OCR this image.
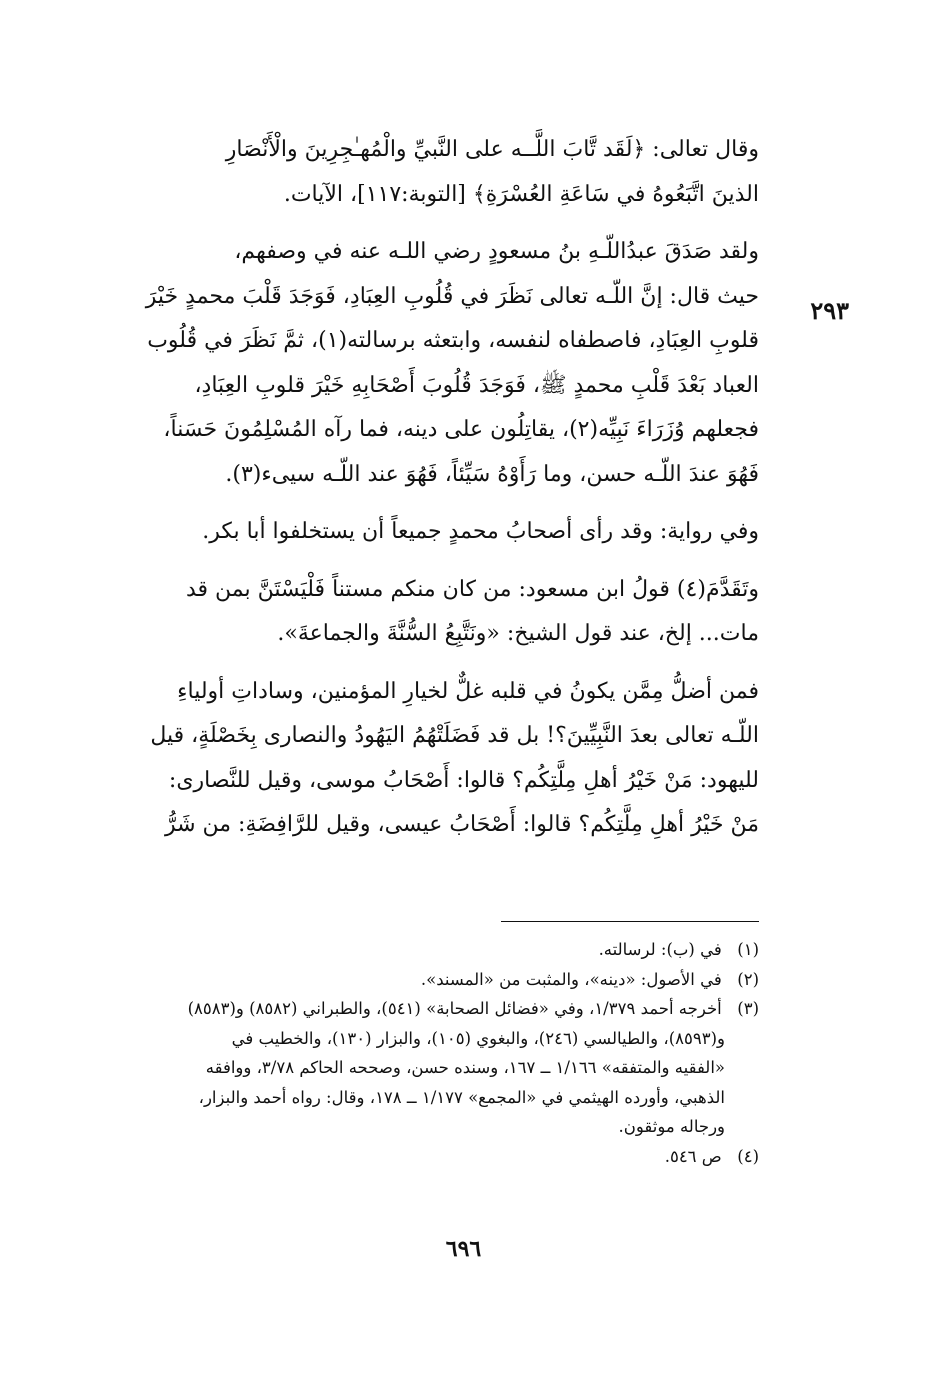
٢٩٣

وقال تعالى: ﴿لَقَد تَّابَ اللَّــه على النَّبيِّ والْمُهـٰجِرِينَ والْأَنْصَارِ
الذينَ اتَّبَعُوهُ في سَاعَةِ العُسْرَةِ﴾ [التوبة:١١٧]، الآيات.

ولقد صَدَقَ عبدُاللّـهِ بنُ مسعودٍ رضي اللـه عنه في وصفهم،
حيث قال: إنَّ اللّـه تعالى نَظَرَ في قُلُوبِ العِبَادِ، فَوَجَدَ قَلْبَ محمدٍ خَيْرَ
قلوبِ العِبَادِ، فاصطفاه لنفسه، وابتعثه برسالته(١)، ثمَّ نَظَرَ في قُلُوب
العباد بَعْدَ قَلْبِ محمدٍ ﷺ، فَوَجَدَ قُلُوبَ أَصْحَابِهِ خَيْرَ قلوبِ العِبَادِ،
فجعلهم وُزَرَاءَ نَبِيِّه(٢)، يقاتِلُون على دينه، فما رآه المُسْلِمُونَ حَسَناً،
فَهُوَ عندَ اللّـه حسن، وما رَأَوْهُ سَيِّئاً، فَهُوَ عند اللّـه سيىء(٣).

وفي رواية: وقد رأى أصحابُ محمدٍ جميعاً أن يستخلفوا أبا بكر.

وتَقَدَّمَ(٤) قولُ ابن مسعود: من كان منكم مستناً فَلْيَسْتَنَّ بمن قد
مات... إلخ، عند قول الشيخ: «ونَتَّبِعُ السُّنَّةَ والجماعةَ».

فمن أضلُّ مِمَّن يكونُ في قلبه غلٌّ لخيارِ المؤمنين، وساداتِ أولياءِ
اللّـه تعالى بعدَ النَّبِيِّينَ؟! بل قد فَضَلَتْهُمُ اليَهُودُ والنصارى بِخَصْلَةٍ، قيل
لليهود: مَنْ خَيْرُ أهلِ مِلَّتِكُم؟ قالوا: أَصْحَابُ موسى، وقيل للنَّصارى:
مَنْ خَيْرُ أهلِ مِلَّتِكُم؟ قالوا: أَصْحَابُ عيسى، وقيل للرَّافِضَةِ: من شَرُّ

(١) في (ب): لرسالته.

(٢) في الأصول: «دينه»، والمثبت من «المسند».

(٣) أخرجه أحمد ١/٣٧٩، وفي «فضائل الصحابة» (٥٤١)، والطبراني (٨٥٨٢) و(٨٥٨٣)

و(٨٥٩٣)، والطيالسي (٢٤٦)، والبغوي (١٠٥)، والبزار (١٣٠)، والخطيب في
«الفقيه والمتفقه» ١/١٦٦ ــ ١٦٧، وسنده حسن، وصححه الحاكم ٣/٧٨، ووافقه
الذهبي، وأورده الهيثمي في «المجمع» ١/١٧٧ ــ ١٧٨، وقال: رواه أحمد والبزار،
ورجاله موثقون.

(٤) ص ٥٤٦.

٦٩٦
